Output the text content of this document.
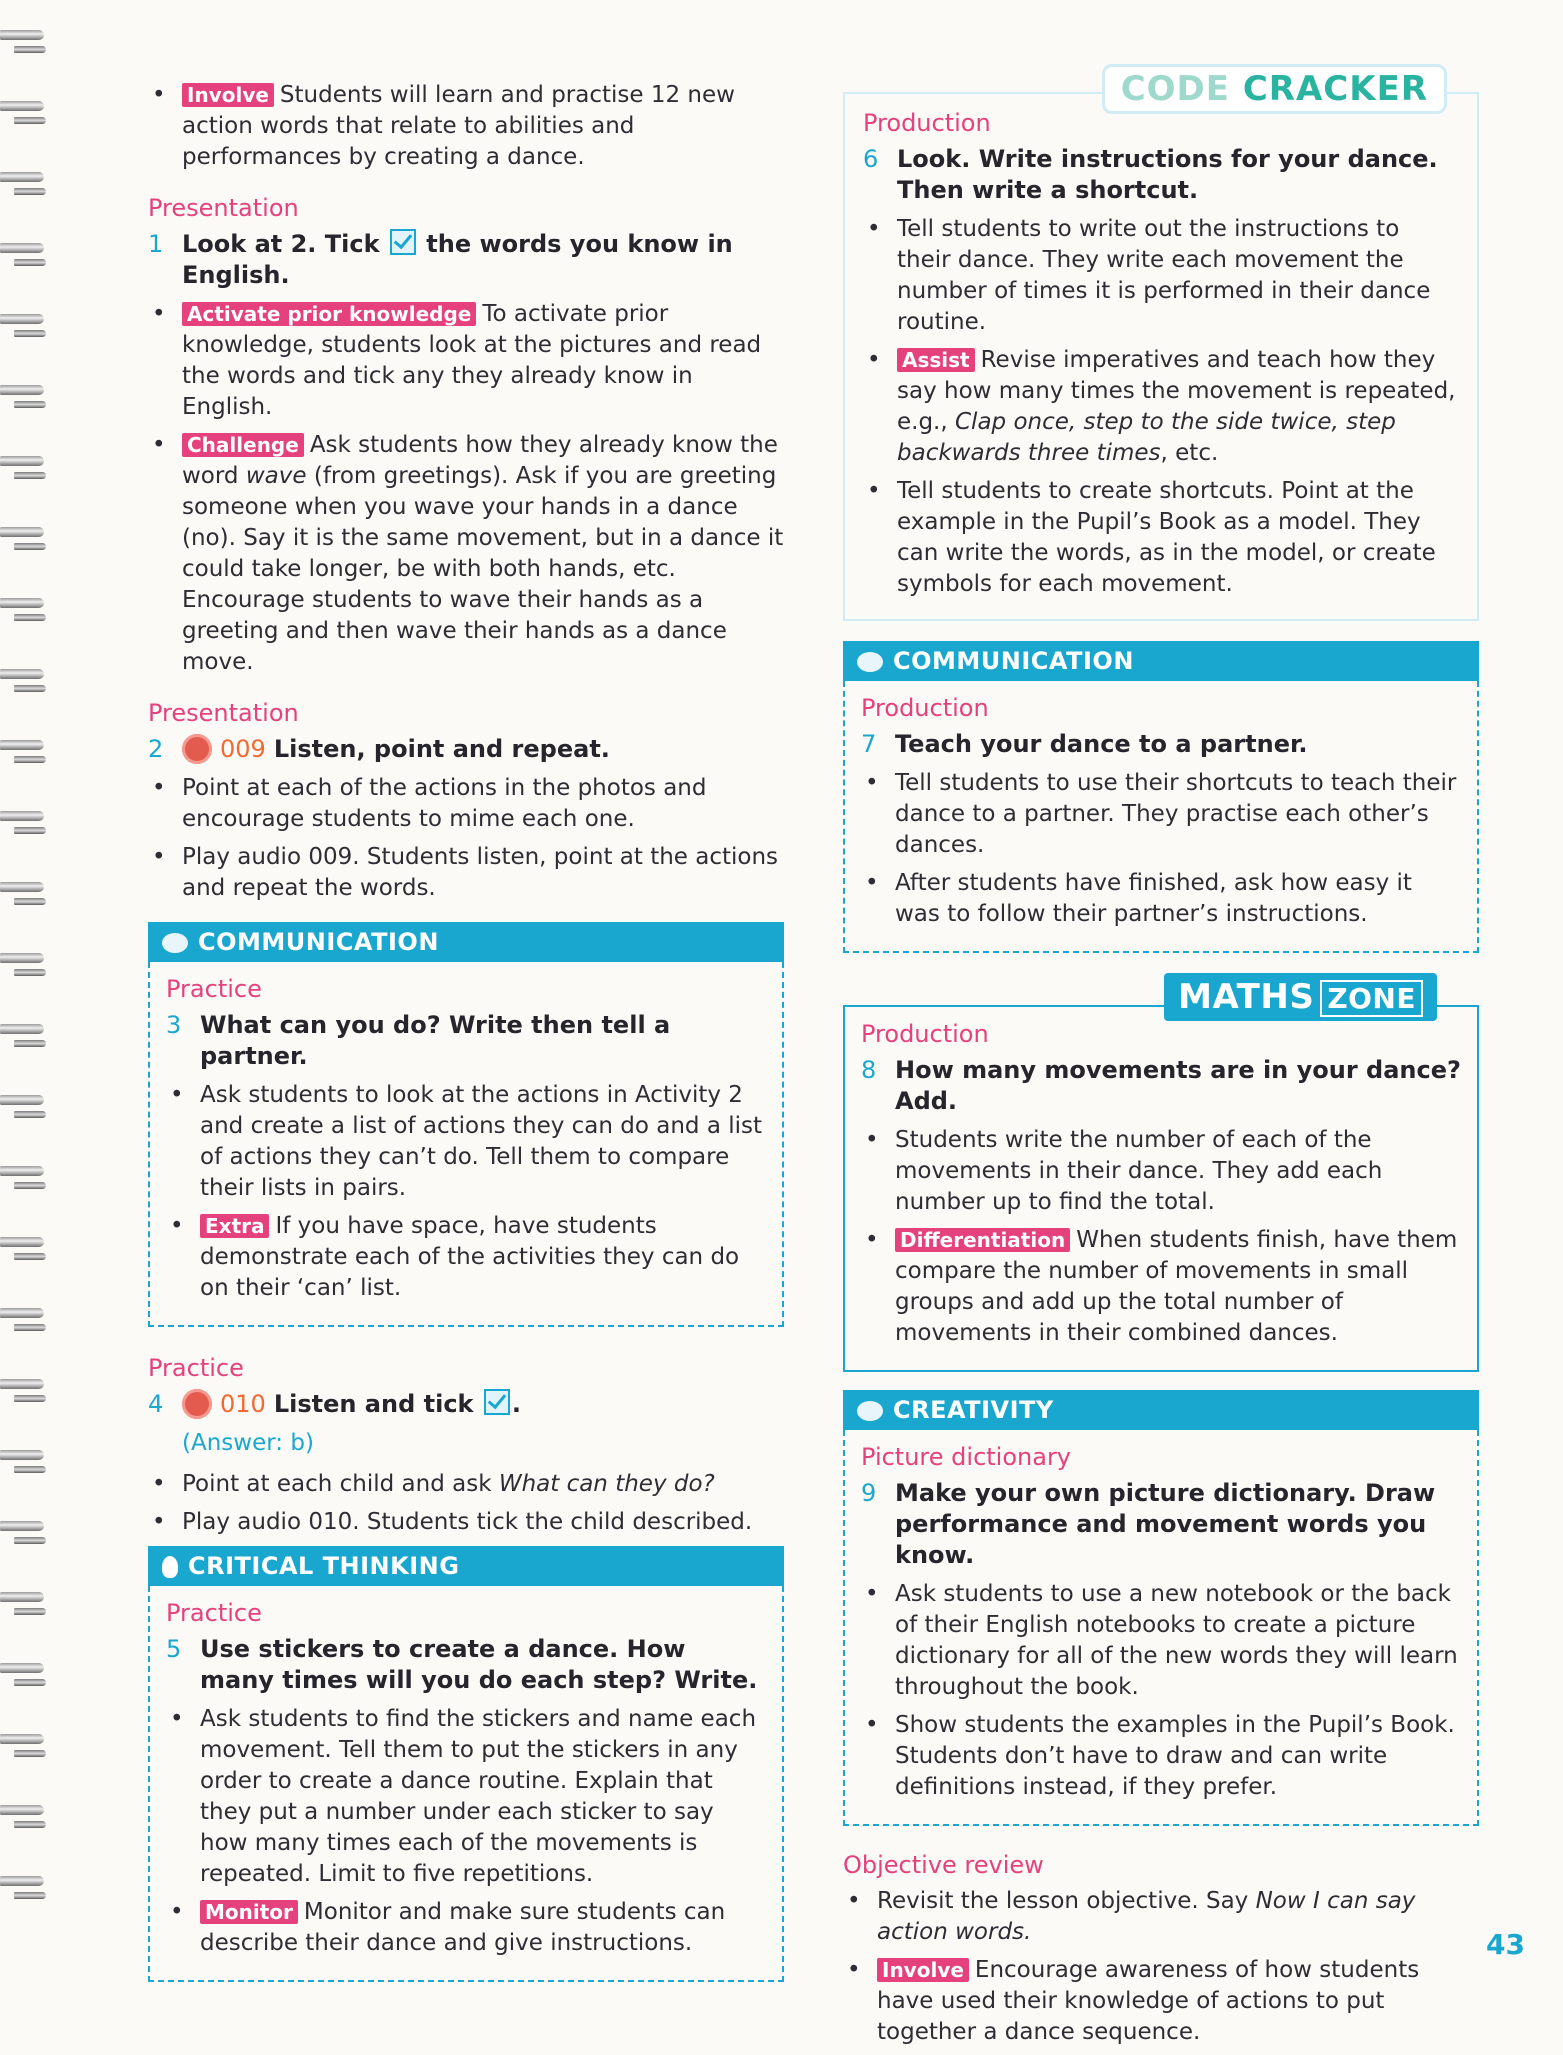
• Involve Students will learn and practise 12 new action words that relate to abilities and performances by creating a dance.
Presentation
1 Look at 2. Tick the words you know in English.
• Activate prior knowledge To activate prior knowledge, students look at the pictures and read the words and tick any they already know in English.
• Challenge Ask students how they already know the word wave (from greetings). Ask if you are greeting someone when you wave your hands in a dance (no). Say it is the same movement, but in a dance it could take longer, be with both hands, etc. Encourage students to wave their hands as a greeting and then wave their hands as a dance move.
Presentation
2 009 Listen, point and repeat.
• Point at each of the actions in the photos and encourage students to mime each one.
• Play audio 009. Students listen, point at the actions and repeat the words.
COMMUNICATION
Practice
3 What can you do? Write then tell a partner.
• Ask students to look at the actions in Activity 2 and create a list of actions they can do and a list of actions they can’t do. Tell them to compare their lists in pairs.
• Extra If you have space, have students demonstrate each of the activities they can do on their ‘can’ list.
Practice
4 010 Listen and tick .
(Answer: b)
• Point at each child and ask What can they do?
• Play audio 010. Students tick the child described.
CRITICAL THINKING
Practice
5 Use stickers to create a dance. How many times will you do each step? Write.
• Ask students to find the stickers and name each movement. Tell them to put the stickers in any order to create a dance routine. Explain that they put a number under each sticker to say how many times each of the movements is repeated. Limit to five repetitions.
• Monitor Monitor and make sure students can describe their dance and give instructions.
CODE CRACKER
Production
6 Look. Write instructions for your dance. Then write a shortcut.
• Tell students to write out the instructions to their dance. They write each movement the number of times it is performed in their dance routine.
• Assist Revise imperatives and teach how they say how many times the movement is repeated, e.g., Clap once, step to the side twice, step backwards three times, etc.
• Tell students to create shortcuts. Point at the example in the Pupil’s Book as a model. They can write the words, as in the model, or create symbols for each movement.
COMMUNICATION
Production
7 Teach your dance to a partner.
• Tell students to use their shortcuts to teach their dance to a partner. They practise each other’s dances.
• After students have finished, ask how easy it was to follow their partner’s instructions.
MATHS ZONE
Production
8 How many movements are in your dance? Add.
• Students write the number of each of the movements in their dance. They add each number up to find the total.
• Differentiation When students finish, have them compare the number of movements in small groups and add up the total number of movements in their combined dances.
CREATIVITY
Picture dictionary
9 Make your own picture dictionary. Draw performance and movement words you know.
• Ask students to use a new notebook or the back of their English notebooks to create a picture dictionary for all of the new words they will learn throughout the book.
• Show students the examples in the Pupil’s Book. Students don’t have to draw and can write definitions instead, if they prefer.
Objective review
• Revisit the lesson objective. Say Now I can say action words.
• Involve Encourage awareness of how students have used their knowledge of actions to put together a dance sequence.
43
